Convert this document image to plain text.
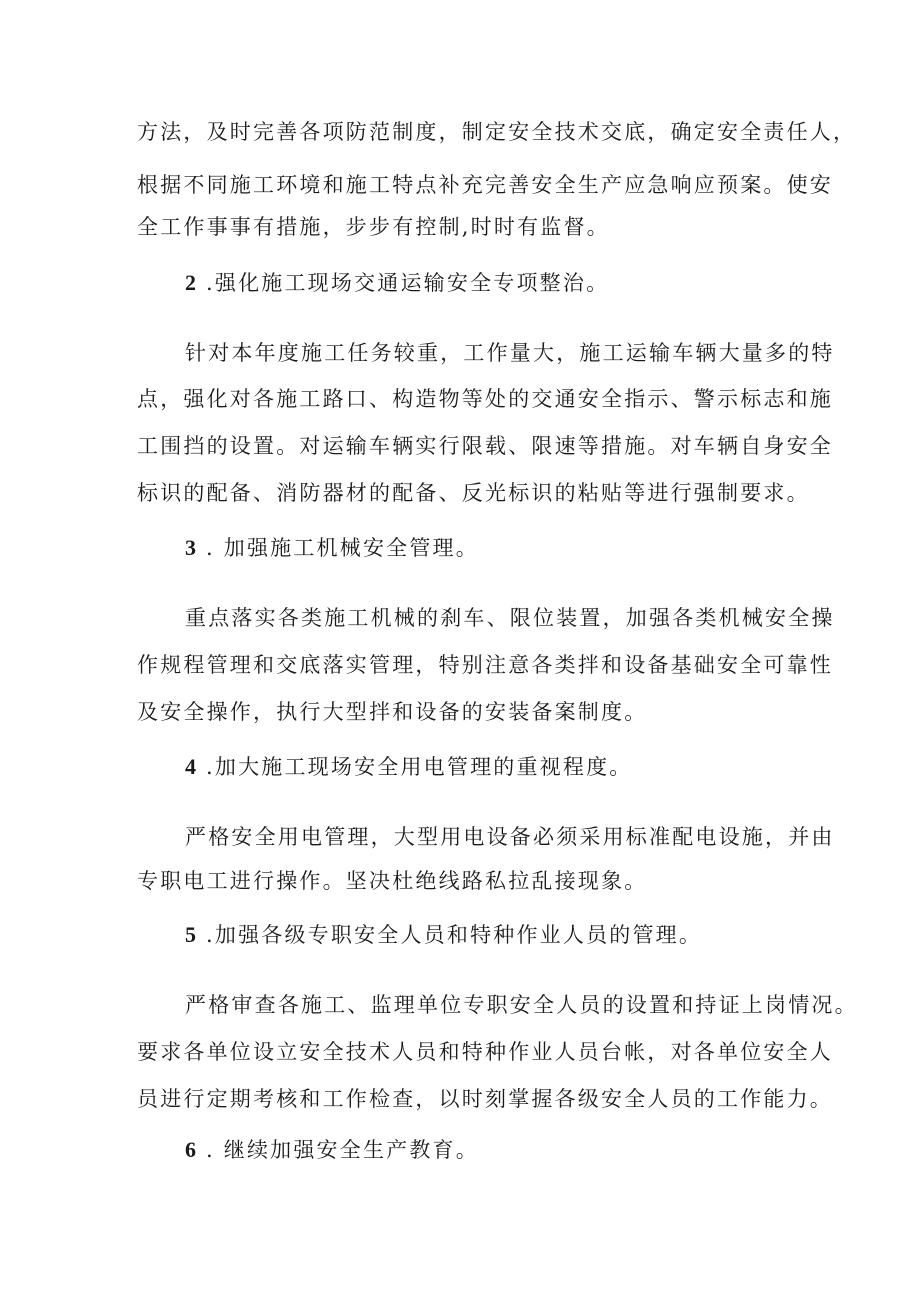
方法，及时完善各项防范制度，制定安全技术交底，确定安全责任人，
根据不同施工环境和施工特点补充完善安全生产应急响应预案。使安
全工作事事有措施，步步有控制,时时有监督。
2 .强化施工现场交通运输安全专项整治。
针对本年度施工任务较重，工作量大，施工运输车辆大量多的特
点，强化对各施工路口、构造物等处的交通安全指示、警示标志和施
工围挡的设置。对运输车辆实行限载、限速等措施。对车辆自身安全
标识的配备、消防器材的配备、反光标识的粘贴等进行强制要求。
3 . 加强施工机械安全管理。
重点落实各类施工机械的刹车、限位装置，加强各类机械安全操
作规程管理和交底落实管理，特别注意各类拌和设备基础安全可靠性
及安全操作，执行大型拌和设备的安装备案制度。
4 .加大施工现场安全用电管理的重视程度。
严格安全用电管理，大型用电设备必须采用标准配电设施，并由
专职电工进行操作。坚决杜绝线路私拉乱接现象。
5 .加强各级专职安全人员和特种作业人员的管理。
严格审查各施工、监理单位专职安全人员的设置和持证上岗情况。
要求各单位设立安全技术人员和特种作业人员台帐，对各单位安全人
员进行定期考核和工作检查，以时刻掌握各级安全人员的工作能力。
6 . 继续加强安全生产教育。
